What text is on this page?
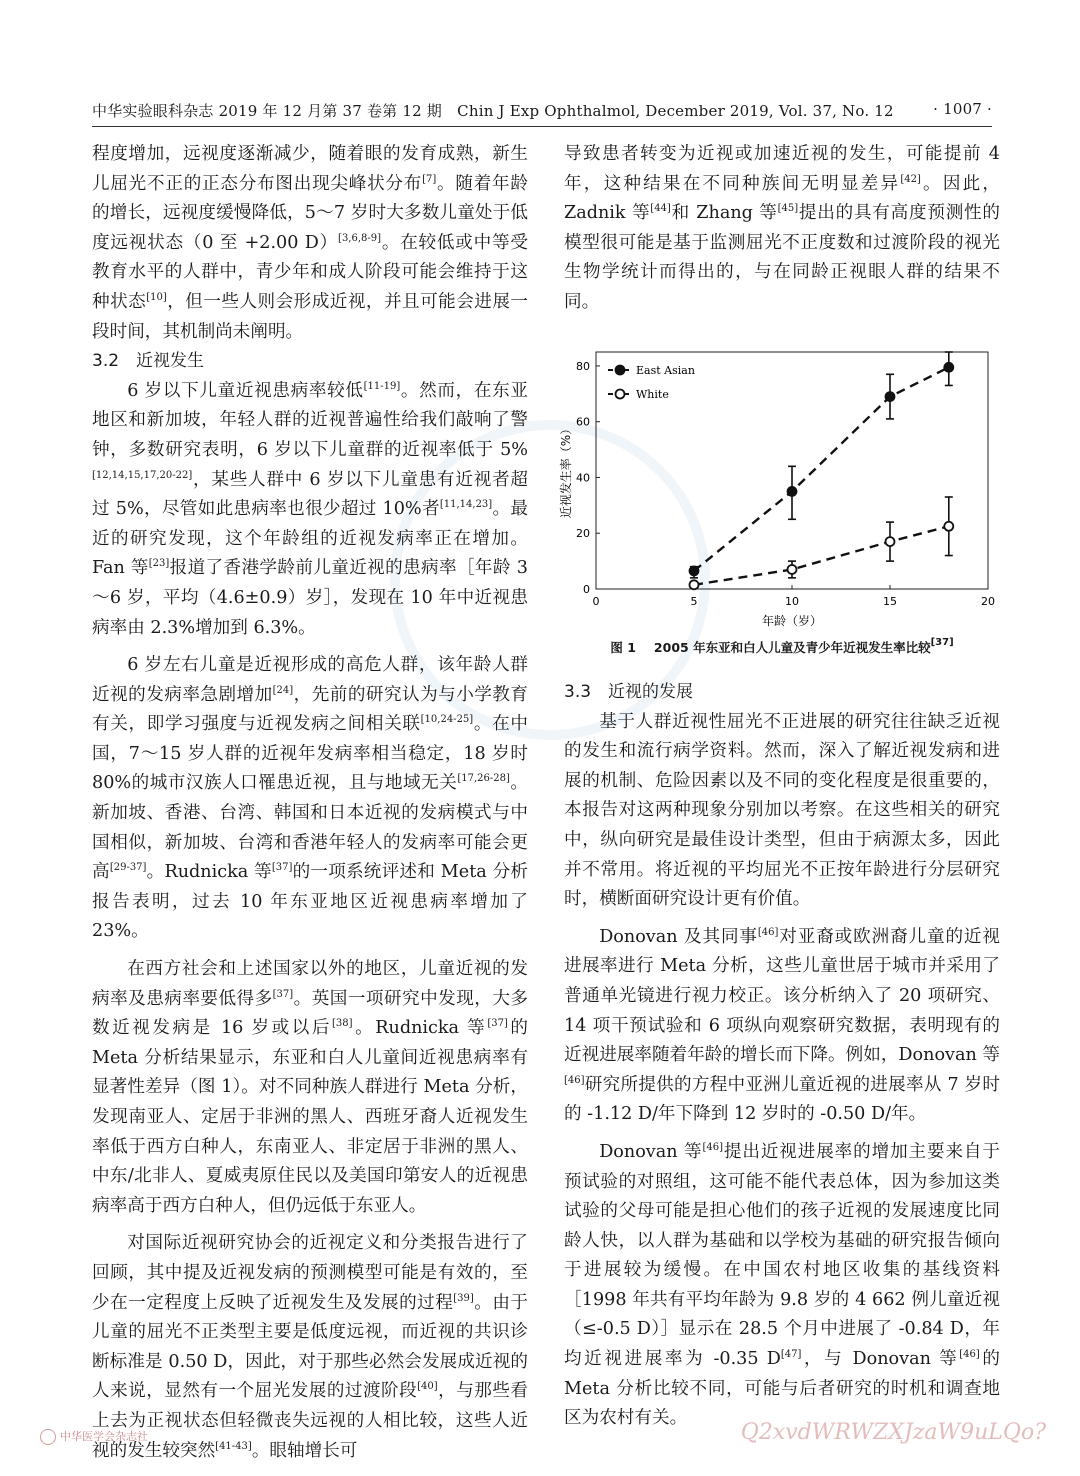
中华实验眼科杂志 2019 年 12 月第 37 卷第 12 期　Chin J Exp Ophthalmol, December 2019, Vol. 37, No. 12	· 1007 ·

程度增加，远视度逐渐减少，随着眼的发育成熟，新生儿屈光不正的正态分布图出现尖峰状分布[7]。随着年龄的增长，远视度缓慢降低，5～7 岁时大多数儿童处于低度远视状态（0 至 +2.00 D）[3,6,8-9]。在较低或中等受教育水平的人群中，青少年和成人阶段可能会维持于这种状态[10]，但一些人则会形成近视，并且可能会进展一段时间，其机制尚未阐明。

3.2　近视发生

6 岁以下儿童近视患病率较低[11-19]。然而，在东亚地区和新加坡，年轻人群的近视普遍性给我们敲响了警钟，多数研究表明，6 岁以下儿童群的近视率低于 5%[12,14,15,17,20-22]，某些人群中 6 岁以下儿童患有近视者超过 5%，尽管如此患病率也很少超过 10%者[11,14,23]。最近的研究发现，这个年龄组的近视发病率正在增加。Fan 等[23]报道了香港学龄前儿童近视的患病率［年龄 3～6 岁，平均（4.6±0.9）岁］，发现在 10 年中近视患病率由 2.3%增加到 6.3%。

6 岁左右儿童是近视形成的高危人群，该年龄人群近视的发病率急剧增加[24]，先前的研究认为与小学教育有关，即学习强度与近视发病之间相关联[10,24-25]。在中国，7～15 岁人群的近视年发病率相当稳定，18 岁时 80%的城市汉族人口罹患近视，且与地域无关[17,26-28]。新加坡、香港、台湾、韩国和日本近视的发病模式与中国相似，新加坡、台湾和香港年轻人的发病率可能会更高[29-37]。Rudnicka 等[37]的一项系统评述和 Meta 分析报告表明，过去 10 年东亚地区近视患病率增加了 23%。

在西方社会和上述国家以外的地区，儿童近视的发病率及患病率要低得多[37]。英国一项研究中发现，大多数近视发病是 16 岁或以后[38]。Rudnicka 等[37]的 Meta 分析结果显示，东亚和白人儿童间近视患病率有显著性差异（图 1）。对不同种族人群进行 Meta 分析，发现南亚人、定居于非洲的黑人、西班牙裔人近视发生率低于西方白种人，东南亚人、非定居于非洲的黑人、中东/北非人、夏威夷原住民以及美国印第安人的近视患病率高于西方白种人，但仍远低于东亚人。

对国际近视研究协会的近视定义和分类报告进行了回顾，其中提及近视发病的预测模型可能是有效的，至少在一定程度上反映了近视发生及发展的过程[39]。由于儿童的屈光不正类型主要是低度远视，而近视的共识诊断标准是 0.50 D，因此，对于那些必然会发展成近视的人来说，显然有一个屈光发展的过渡阶段[40]，与那些看上去为正视状态但轻微丧失远视的人相比较，这些人近视的发生较突然[41-43]。眼轴增长可

导致患者转变为近视或加速近视的发生，可能提前 4 年，这种结果在不同种族间无明显差异[42]。因此，Zadnik 等[44]和 Zhang 等[45]提出的具有高度预测性的模型很可能是基于监测屈光不正度数和过渡阶段的视光生物学统计而得出的，与在同龄正视眼人群的结果不同。

0	5	10	15	20
0
20
40
60
80
年龄（岁）
近视发生率（%）
East Asian
White
图 1 2005 年东亚和白人儿童及青少年近视发生率比较[37]

3.3　近视的发展

基于人群近视性屈光不正进展的研究往往缺乏近视的发生和流行病学资料。然而，深入了解近视发病和进展的机制、危险因素以及不同的变化程度是很重要的，本报告对这两种现象分别加以考察。在这些相关的研究中，纵向研究是最佳设计类型，但由于病源太多，因此并不常用。将近视的平均屈光不正按年龄进行分层研究时，横断面研究设计更有价值。

Donovan 及其同事[46]对亚裔或欧洲裔儿童的近视进展率进行 Meta 分析，这些儿童世居于城市并采用了普通单光镜进行视力校正。该分析纳入了 20 项研究、14 项干预试验和 6 项纵向观察研究数据，表明现有的近视进展率随着年龄的增长而下降。例如，Donovan 等[46]研究所提供的方程中亚洲儿童近视的进展率从 7 岁时的 -1.12 D/年下降到 12 岁时的 -0.50 D/年。

Donovan 等[46]提出近视进展率的增加主要来自于预试验的对照组，这可能不能代表总体，因为参加这类试验的父母可能是担心他们的孩子近视的发展速度比同龄人快，以人群为基础和以学校为基础的研究报告倾向于进展较为缓慢。在中国农村地区收集的基线资料［1998 年共有平均年龄为 9.8 岁的 4 662 例儿童近视（≤-0.5 D）］显示在 28.5 个月中进展了 -0.84 D，年均近视进展率为 -0.35 D[47]，与 Donovan 等[46]的 Meta 分析比较不同，可能与后者研究的时机和调查地区为农村有关。

中华医学会杂志社	Q2xvdWRWZXJzaW9uLQo?
